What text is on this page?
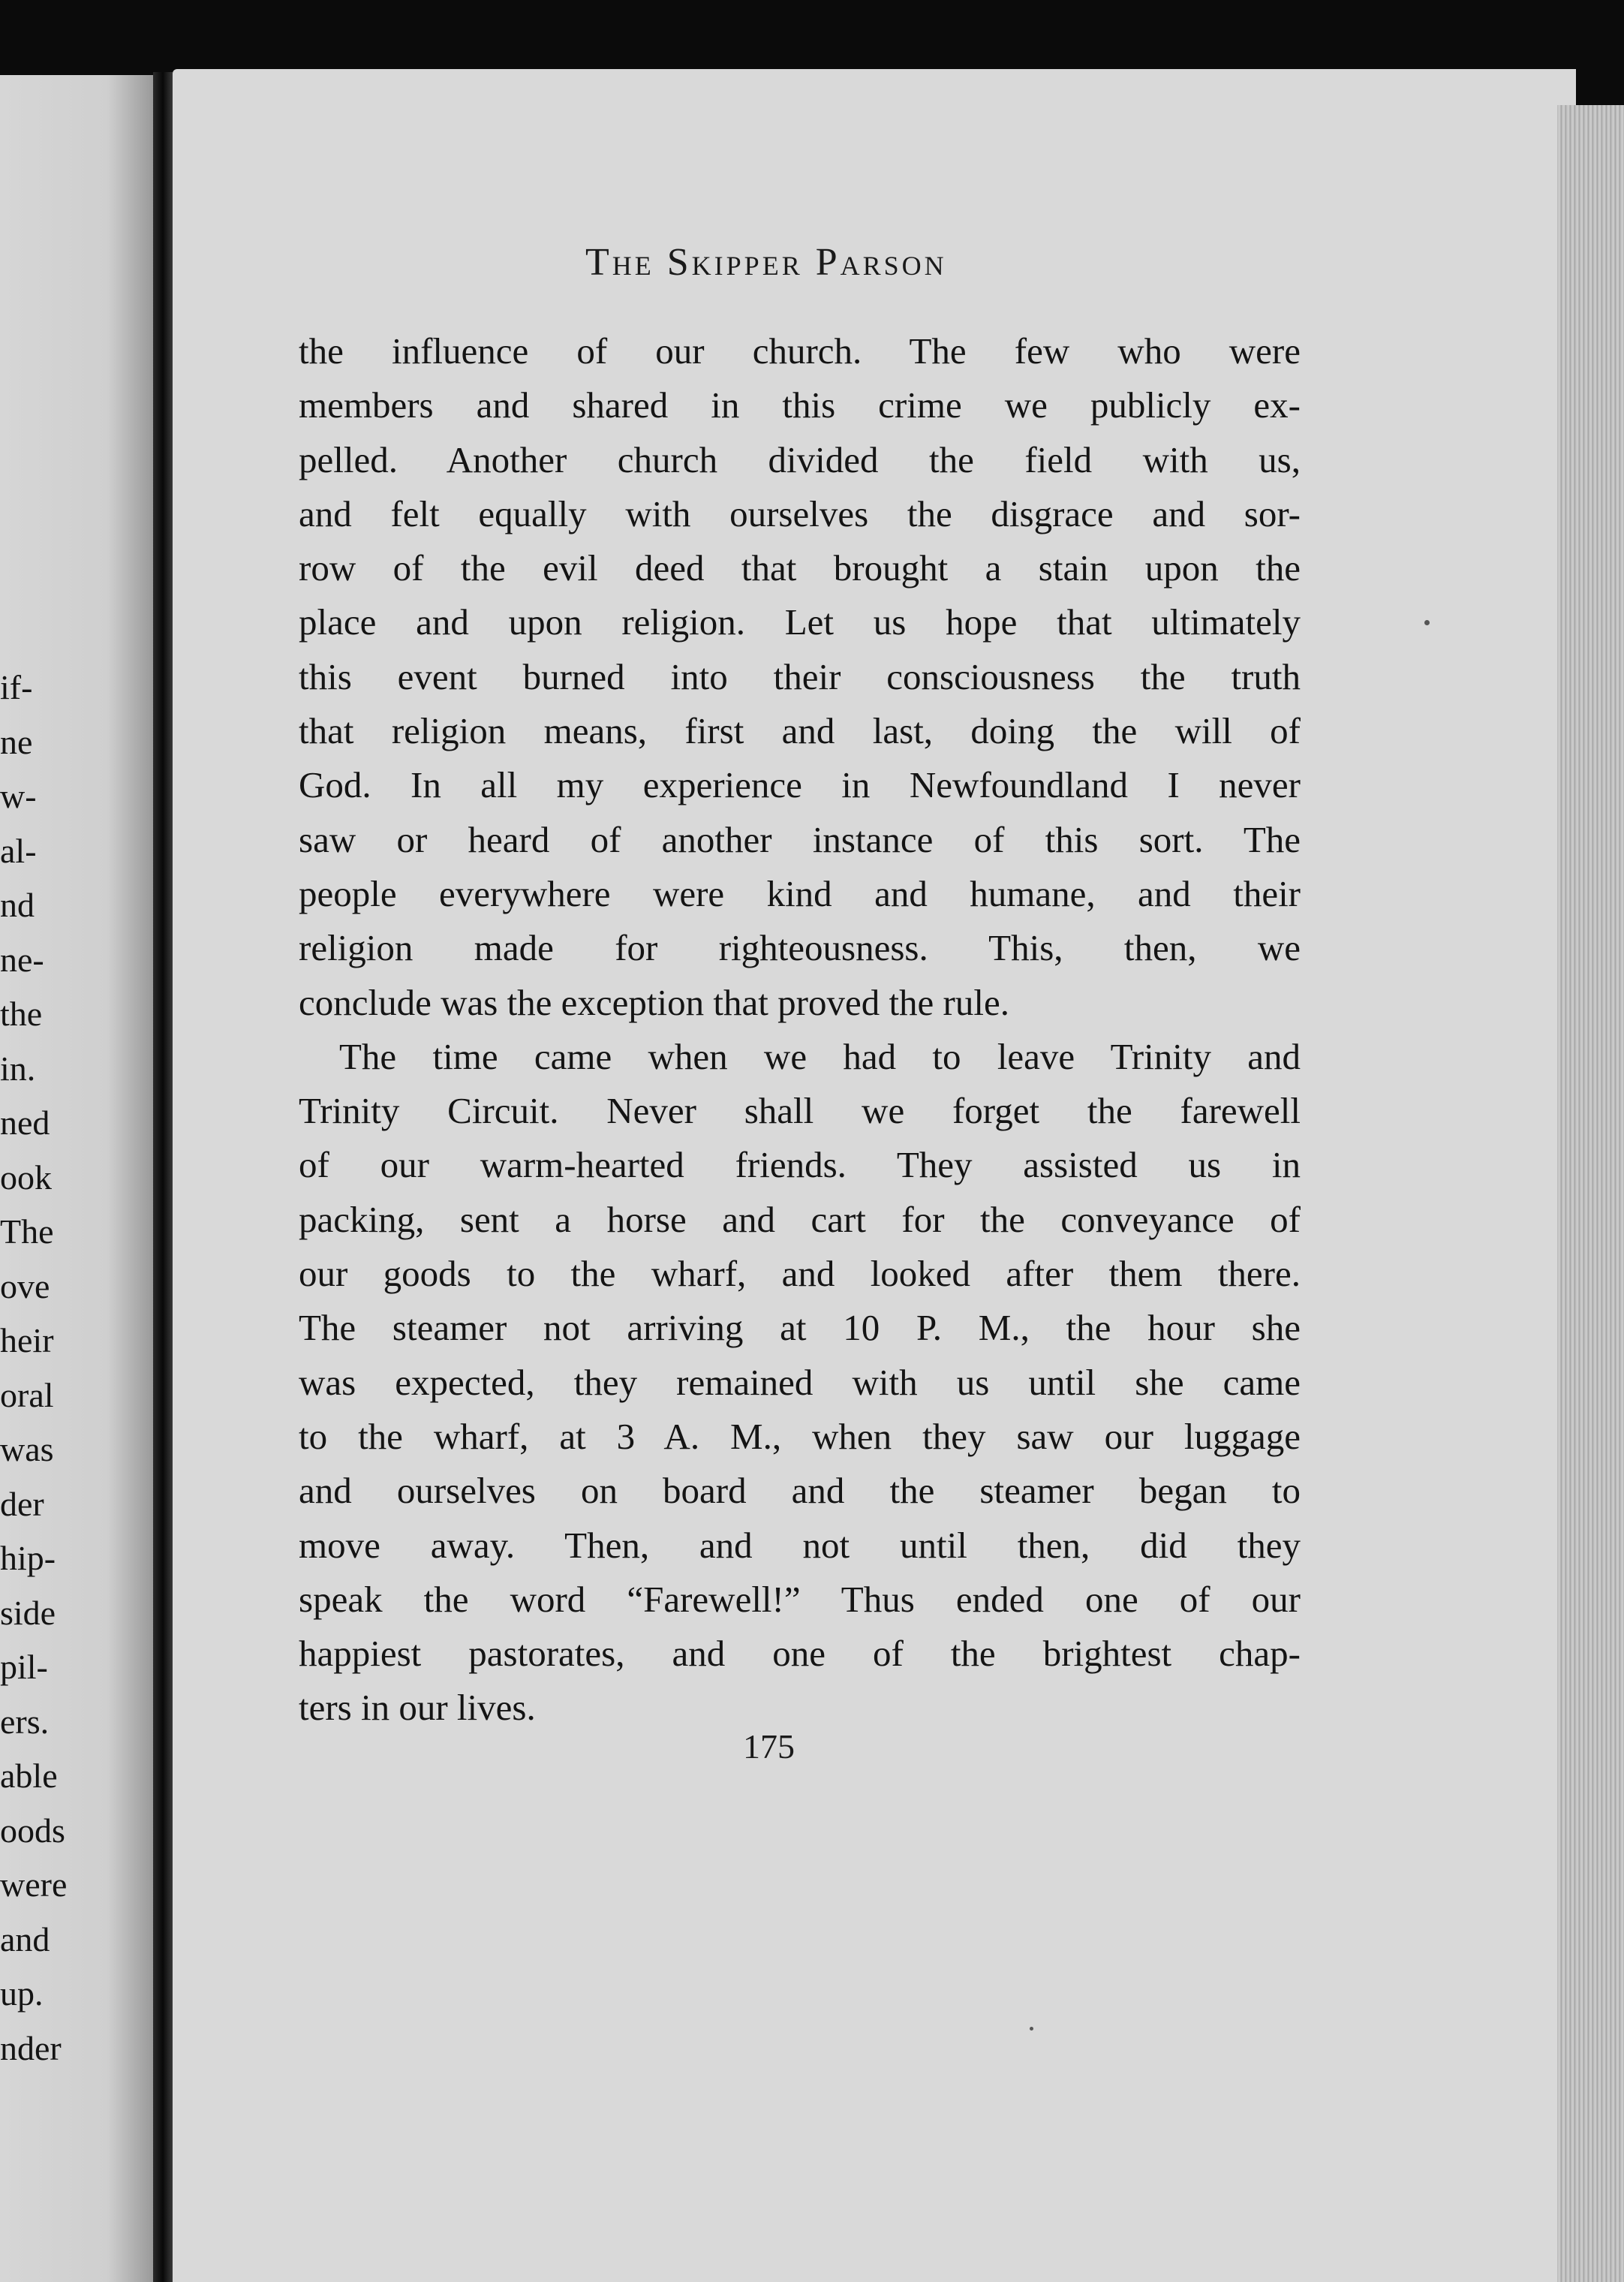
if-
ne
w-
al-
nd
ne-
the
in.
ned
ook
The
ove
heir
oral
was
der
hip-
side
pil-
ers.
able
oods
were
and
up.
nder
The Skipper Parson
the influence of our church. The few who were
members and shared in this crime we publicly ex-
pelled. Another church divided the field with us,
and felt equally with ourselves the disgrace and sor-
row of the evil deed that brought a stain upon the
place and upon religion. Let us hope that ultimately
this event burned into their consciousness the truth
that religion means, first and last, doing the will of
God. In all my experience in Newfoundland I never
saw or heard of another instance of this sort. The
people everywhere were kind and humane, and their
religion made for righteousness. This, then, we
conclude was the exception that proved the rule.
The time came when we had to leave Trinity and
Trinity Circuit. Never shall we forget the farewell
of our warm-hearted friends. They assisted us in
packing, sent a horse and cart for the conveyance of
our goods to the wharf, and looked after them there.
The steamer not arriving at 10 P. M., the hour she
was expected, they remained with us until she came
to the wharf, at 3 A. M., when they saw our luggage
and ourselves on board and the steamer began to
move away. Then, and not until then, did they
speak the word “Farewell!” Thus ended one of our
happiest pastorates, and one of the brightest chap-
ters in our lives.
175
